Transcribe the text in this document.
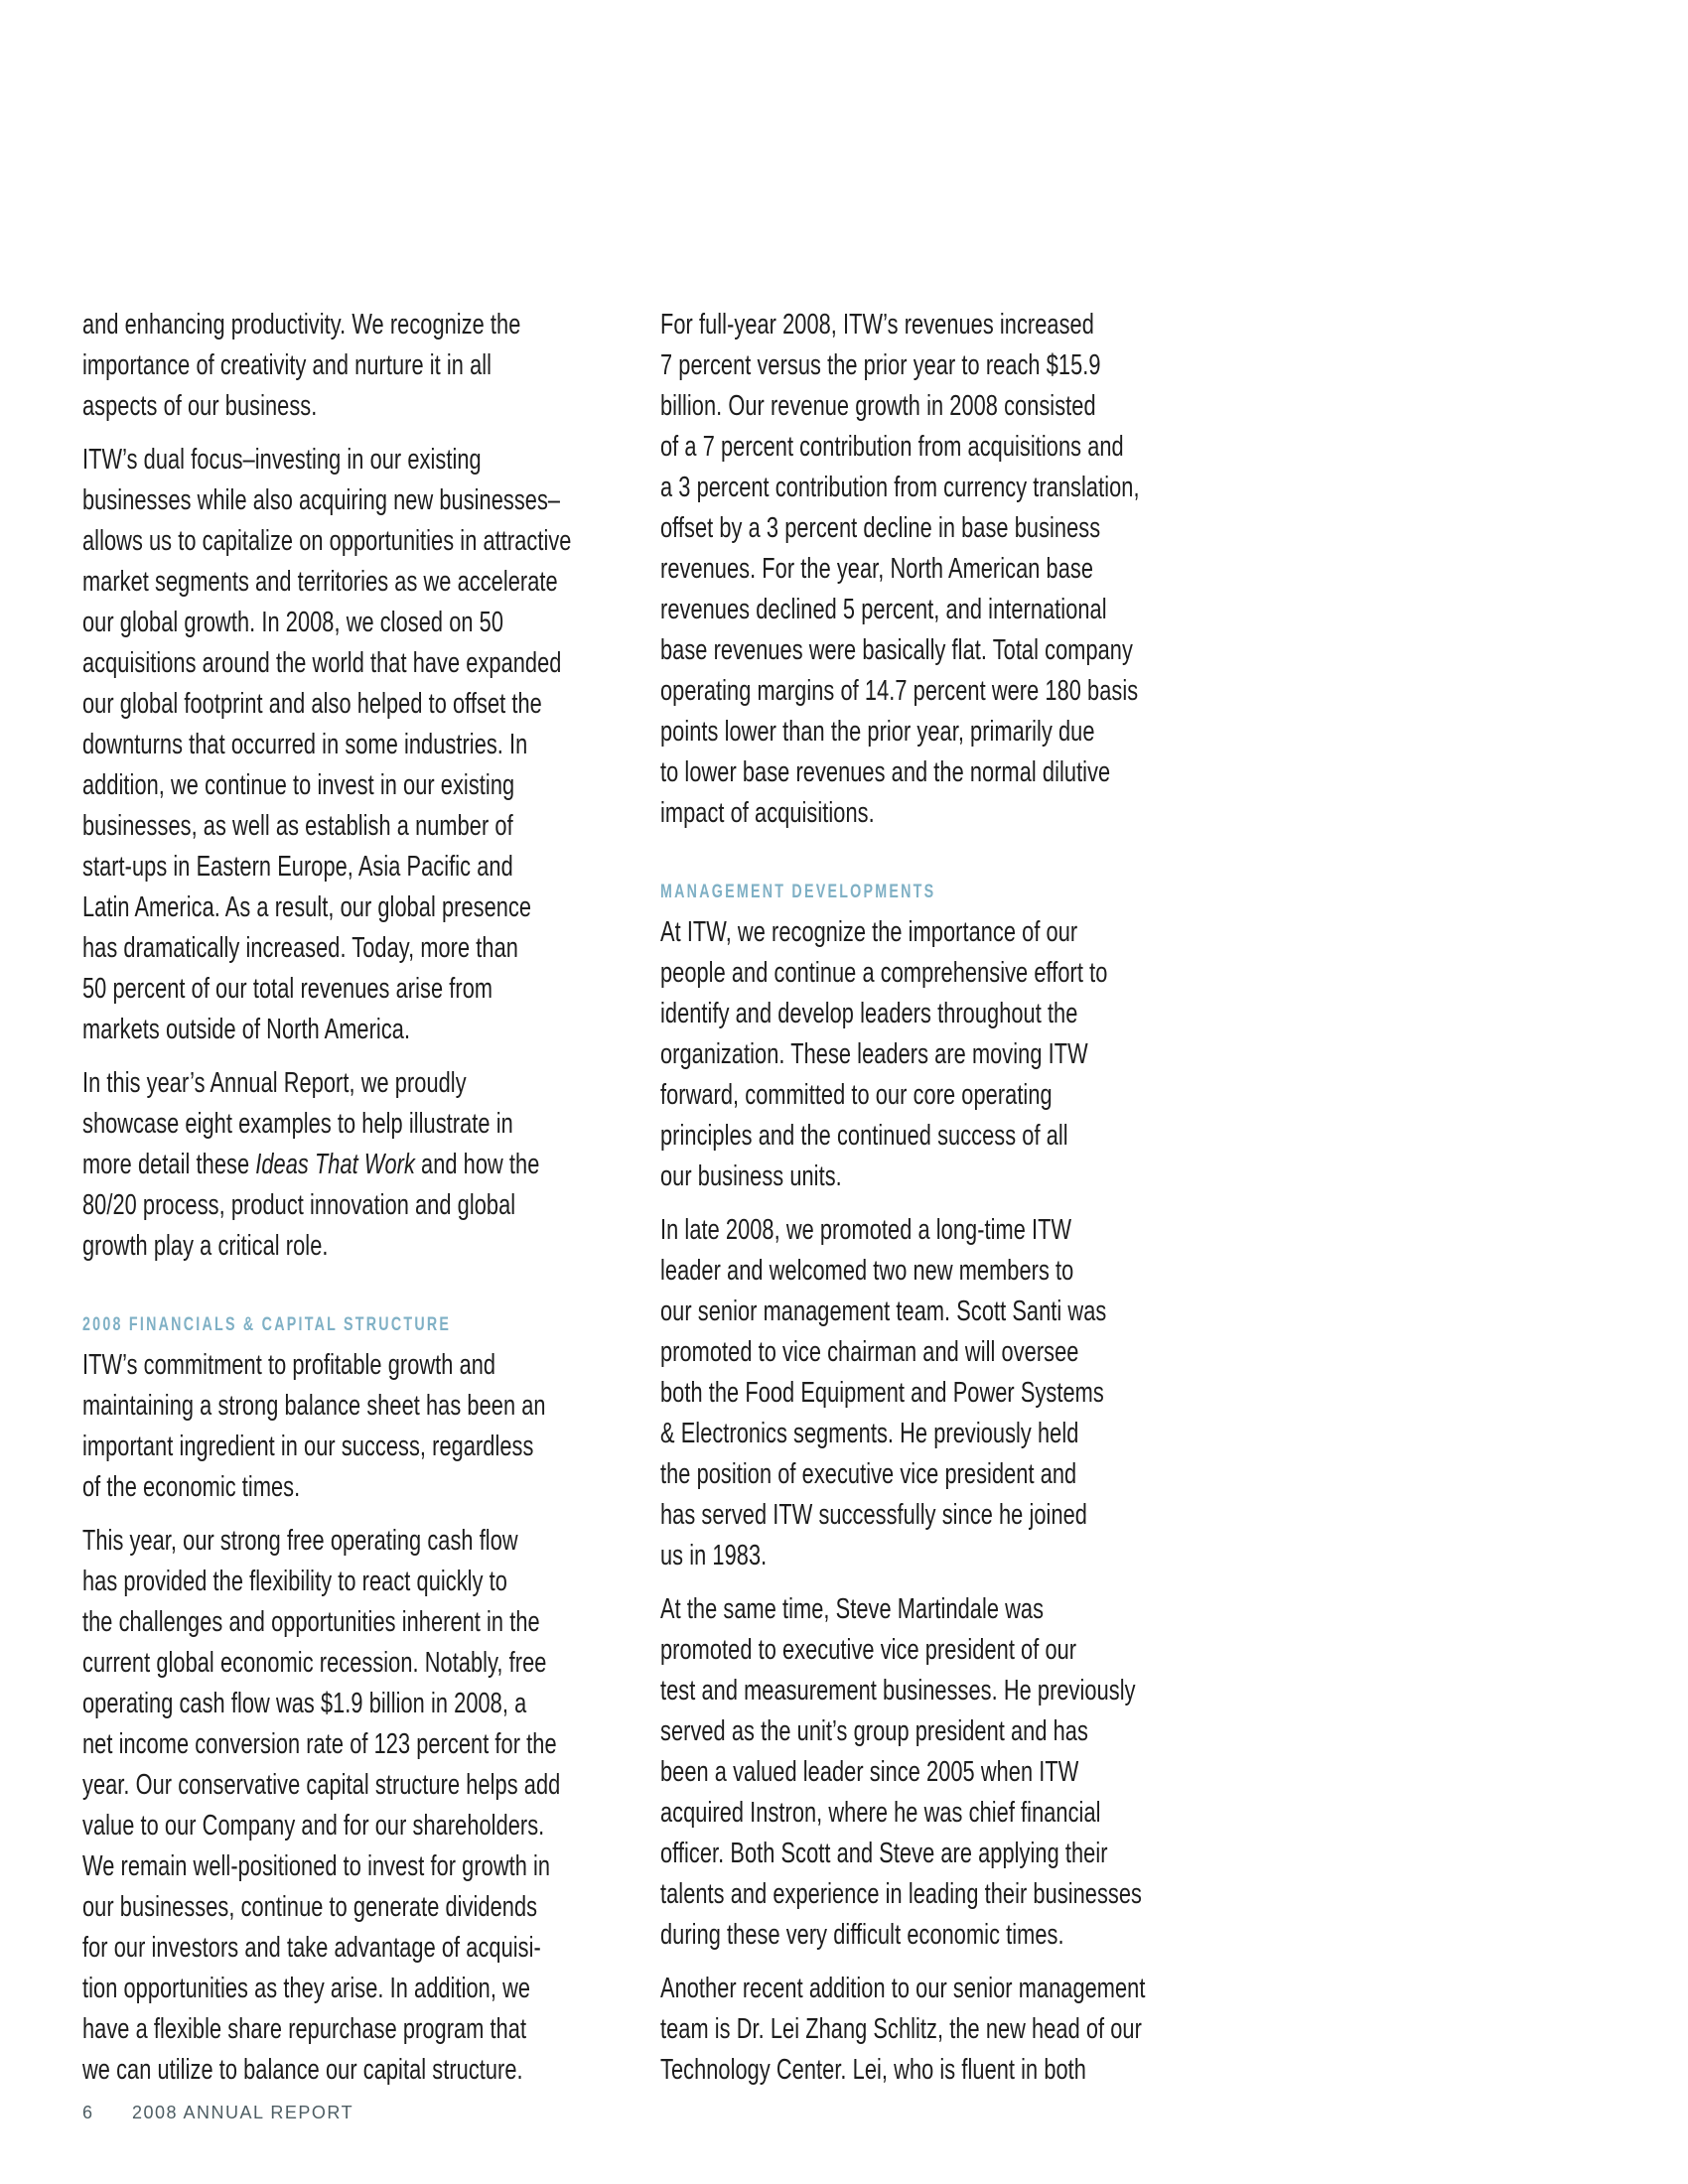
and enhancing productivity. We recognize the
importance of creativity and nurture it in all
aspects of our business.

ITW’s dual focus–investing in our existing
businesses while also acquiring new businesses–
allows us to capitalize on opportunities in attractive
market segments and territories as we accelerate
our global growth. In 2008, we closed on 50
acquisitions around the world that have expanded
our global footprint and also helped to offset the
downturns that occurred in some industries. In
addition, we continue to invest in our existing
businesses, as well as establish a number of
start-ups in Eastern Europe, Asia Pacific and
Latin America. As a result, our global presence
has dramatically increased. Today, more than
50 percent of our total revenues arise from
markets outside of North America.

In this year’s Annual Report, we proudly
showcase eight examples to help illustrate in
more detail these Ideas That Work and how the
80/20 process, product innovation and global
growth play a critical role.

2008 FINANCIALS & CAPITAL STRUCTURE

ITW’s commitment to profitable growth and
maintaining a strong balance sheet has been an
important ingredient in our success, regardless
of the economic times.

This year, our strong free operating cash flow
has provided the flexibility to react quickly to
the challenges and opportunities inherent in the
current global economic recession. Notably, free
operating cash flow was $1.9 billion in 2008, a
net income conversion rate of 123 percent for the
year. Our conservative capital structure helps add
value to our Company and for our shareholders.
We remain well-positioned to invest for growth in
our businesses, continue to generate dividends
for our investors and take advantage of acquisi-
tion opportunities as they arise. In addition, we
have a flexible share repurchase program that
we can utilize to balance our capital structure.

For full-year 2008, ITW’s revenues increased
7 percent versus the prior year to reach $15.9
billion. Our revenue growth in 2008 consisted
of a 7 percent contribution from acquisitions and
a 3 percent contribution from currency translation,
offset by a 3 percent decline in base business
revenues. For the year, North American base
revenues declined 5 percent, and international
base revenues were basically flat. Total company
operating margins of 14.7 percent were 180 basis
points lower than the prior year, primarily due
to lower base revenues and the normal dilutive
impact of acquisitions.

MANAGEMENT DEVELOPMENTS

At ITW, we recognize the importance of our
people and continue a comprehensive effort to
identify and develop leaders throughout the
organization. These leaders are moving ITW
forward, committed to our core operating
principles and the continued success of all
our business units.

In late 2008, we promoted a long-time ITW
leader and welcomed two new members to
our senior management team. Scott Santi was
promoted to vice chairman and will oversee
both the Food Equipment and Power Systems
& Electronics segments. He previously held
the position of executive vice president and
has served ITW successfully since he joined
us in 1983.

At the same time, Steve Martindale was
promoted to executive vice president of our
test and measurement businesses. He previously
served as the unit’s group president and has
been a valued leader since 2005 when ITW
acquired Instron, where he was chief financial
officer. Both Scott and Steve are applying their
talents and experience in leading their businesses
during these very difficult economic times.

Another recent addition to our senior management
team is Dr. Lei Zhang Schlitz, the new head of our
Technology Center. Lei, who is fluent in both

6 2008 ANNUAL REPORT
